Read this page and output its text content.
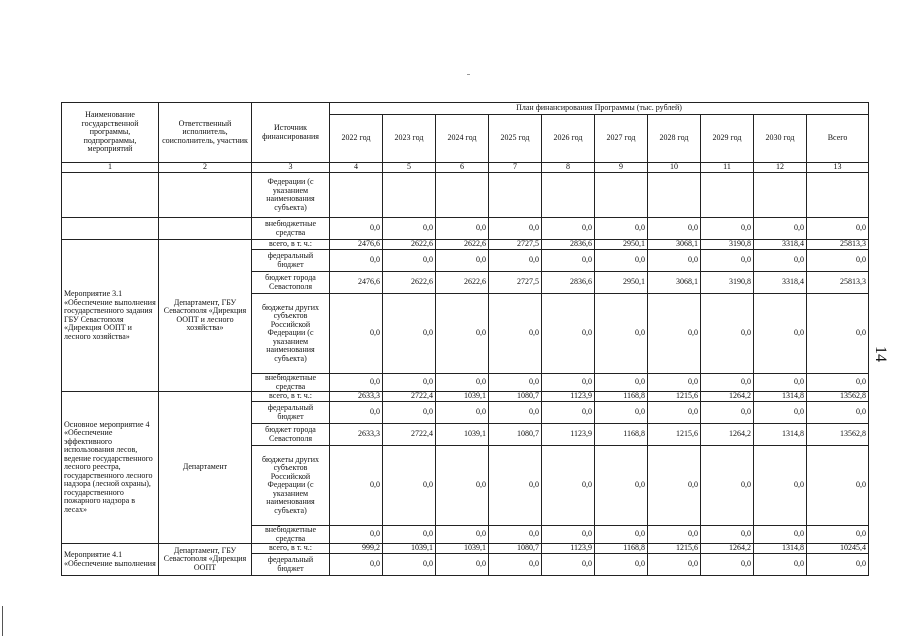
14
Наименование государственной программы, подпрограммы, мероприятий	Ответственный исполнитель, соисполнитель, участник	Источник финансирования	План финансирования Программы (тыс. рублей)									
			2022 год	2023 год	2024 год	2025 год	2026 год	2027 год	2028 год	2029 год	2030 год	Всего
1	2	3	4	5	6	7	8	9	10	11	12	13
		Федерации (с указанием наименования субъекта)										
		внебюджетные средства	0,0	0,0	0,0	0,0	0,0	0,0	0,0	0,0	0,0	0,0
Мероприятие 3.1 «Обеспечение выполнения государственного задания ГБУ Севастополя «Дирекция ООПТ и лесного хозяйства»	Департамент, ГБУ Севастополя «Дирекция ООПТ и лесного хозяйства»	всего, в т. ч.:	2476,6	2622,6	2622,6	2727,5	2836,6	2950,1	3068,1	3190,8	3318,4	25813,3
		федеральный бюджет	0,0	0,0	0,0	0,0	0,0	0,0	0,0	0,0	0,0	0,0
		бюджет города Севастополя	2476,6	2622,6	2622,6	2727,5	2836,6	2950,1	3068,1	3190,8	3318,4	25813,3
		бюджеты других субъектов Российской Федерации (с указанием наименования субъекта)	0,0	0,0	0,0	0,0	0,0	0,0	0,0	0,0	0,0	0,0
		внебюджетные средства	0,0	0,0	0,0	0,0	0,0	0,0	0,0	0,0	0,0	0,0
Основное мероприятие 4 «Обеспечение эффективного использования лесов, ведение государственного лесного реестра, государственного лесного надзора (лесной охраны), государственного пожарного надзора в лесах»	Департамент	всего, в т. ч.:	2633,3	2722,4	1039,1	1080,7	1123,9	1168,8	1215,6	1264,2	1314,8	13562,8
		федеральный бюджет	0,0	0,0	0,0	0,0	0,0	0,0	0,0	0,0	0,0	0,0
		бюджет города Севастополя	2633,3	2722,4	1039,1	1080,7	1123,9	1168,8	1215,6	1264,2	1314,8	13562,8
		бюджеты других субъектов Российской Федерации (с указанием наименования субъекта)	0,0	0,0	0,0	0,0	0,0	0,0	0,0	0,0	0,0	0,0
		внебюджетные средства	0,0	0,0	0,0	0,0	0,0	0,0	0,0	0,0	0,0	0,0
Мероприятие 4.1 «Обеспечение выполнения	Департамент, ГБУ Севастополя «Дирекция ООПТ	всего, в т. ч.:	999,2	1039,1	1039,1	1080,7	1123,9	1168,8	1215,6	1264,2	1314,8	10245,4
		федеральный бюджет	0,0	0,0	0,0	0,0	0,0	0,0	0,0	0,0	0,0	0,0
